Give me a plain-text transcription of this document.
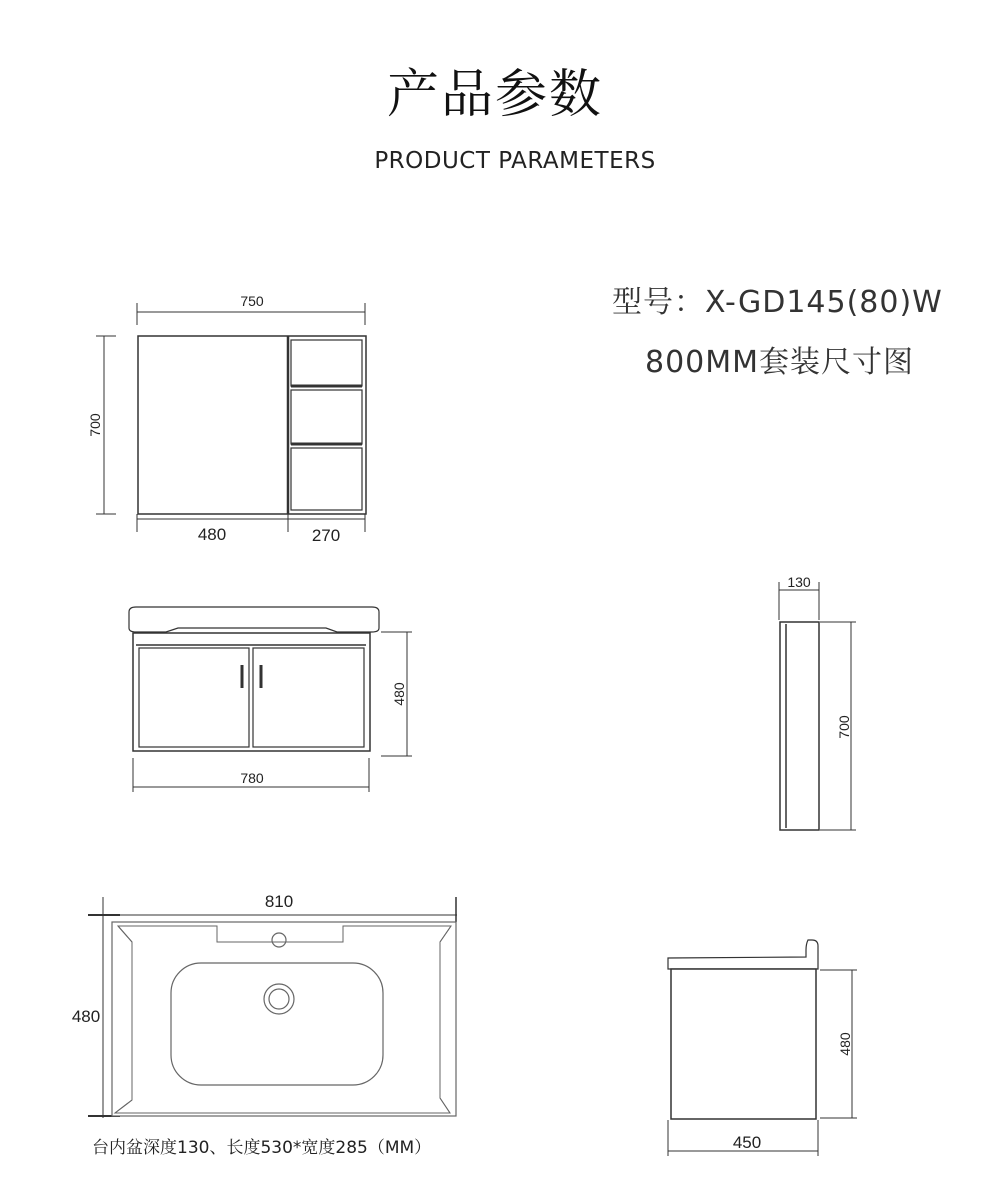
产品参数
PRODUCT PARAMETERS
型号：X-GD145(80)W
800MM套装尺寸图
750
700
480	270
480
780
130
700
810
480
480
450
台内盆深度130、长度530*宽度285（MM）
